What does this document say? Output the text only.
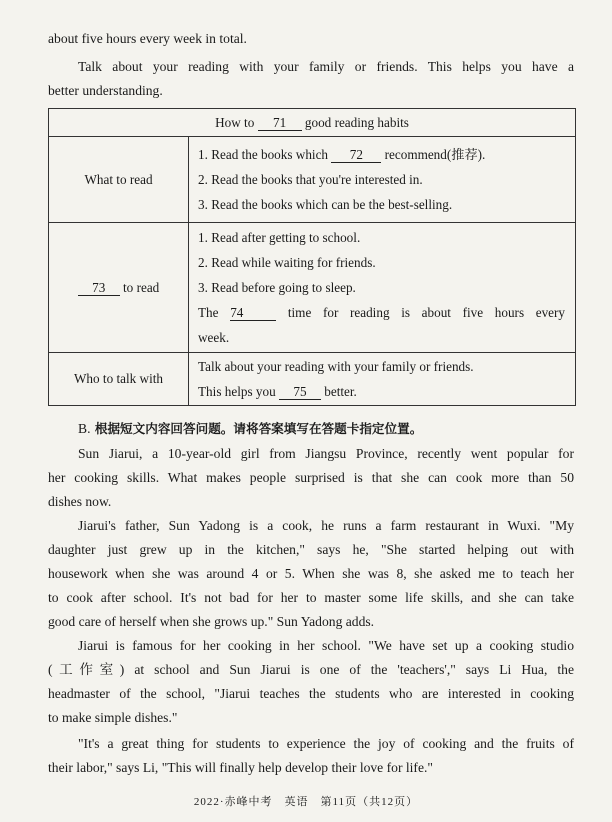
about five hours every week in total.
Talk about your reading with your family or friends. This helps you have a
better understanding.
How to 71 good reading habits	
What to read	1. Read the books which 72 recommend(推荐).
2. Read the books that you're interested in.
3. Read the books which can be the best-selling.

73 to read	1. Read after getting to school.
2. Read while waiting for friends.
3. Read before going to sleep.
The 74 time for reading is about five hours every
week.

Who to talk with	Talk about your reading with your family or friends.
This helps you 75 better.
B. 根据短文内容回答问题。请将答案填写在答题卡指定位置。
Sun Jiarui, a 10-year-old girl from Jiangsu Province, recently went popular for
her cooking skills. What makes people surprised is that she can cook more than 50
dishes now.
Jiarui's father, Sun Yadong is a cook, he runs a farm restaurant in Wuxi. "My
daughter just grew up in the kitchen," says he, "She started helping out with
housework when she was around 4 or 5. When she was 8, she asked me to teach her
to cook after school. It's not bad for her to master some life skills, and she can take
good care of herself when she grows up." Sun Yadong adds.
Jiarui is famous for her cooking in her school. "We have set up a cooking studio
(工作室) at school and Sun Jiarui is one of the 'teachers'," says Li Hua, the
headmaster of the school, "Jiarui teaches the students who are interested in cooking
to make simple dishes."
"It's a great thing for students to experience the joy of cooking and the fruits of
their labor," says Li, "This will finally help develop their love for life."
2022·赤峰中考　英语　第11页（共12页）
